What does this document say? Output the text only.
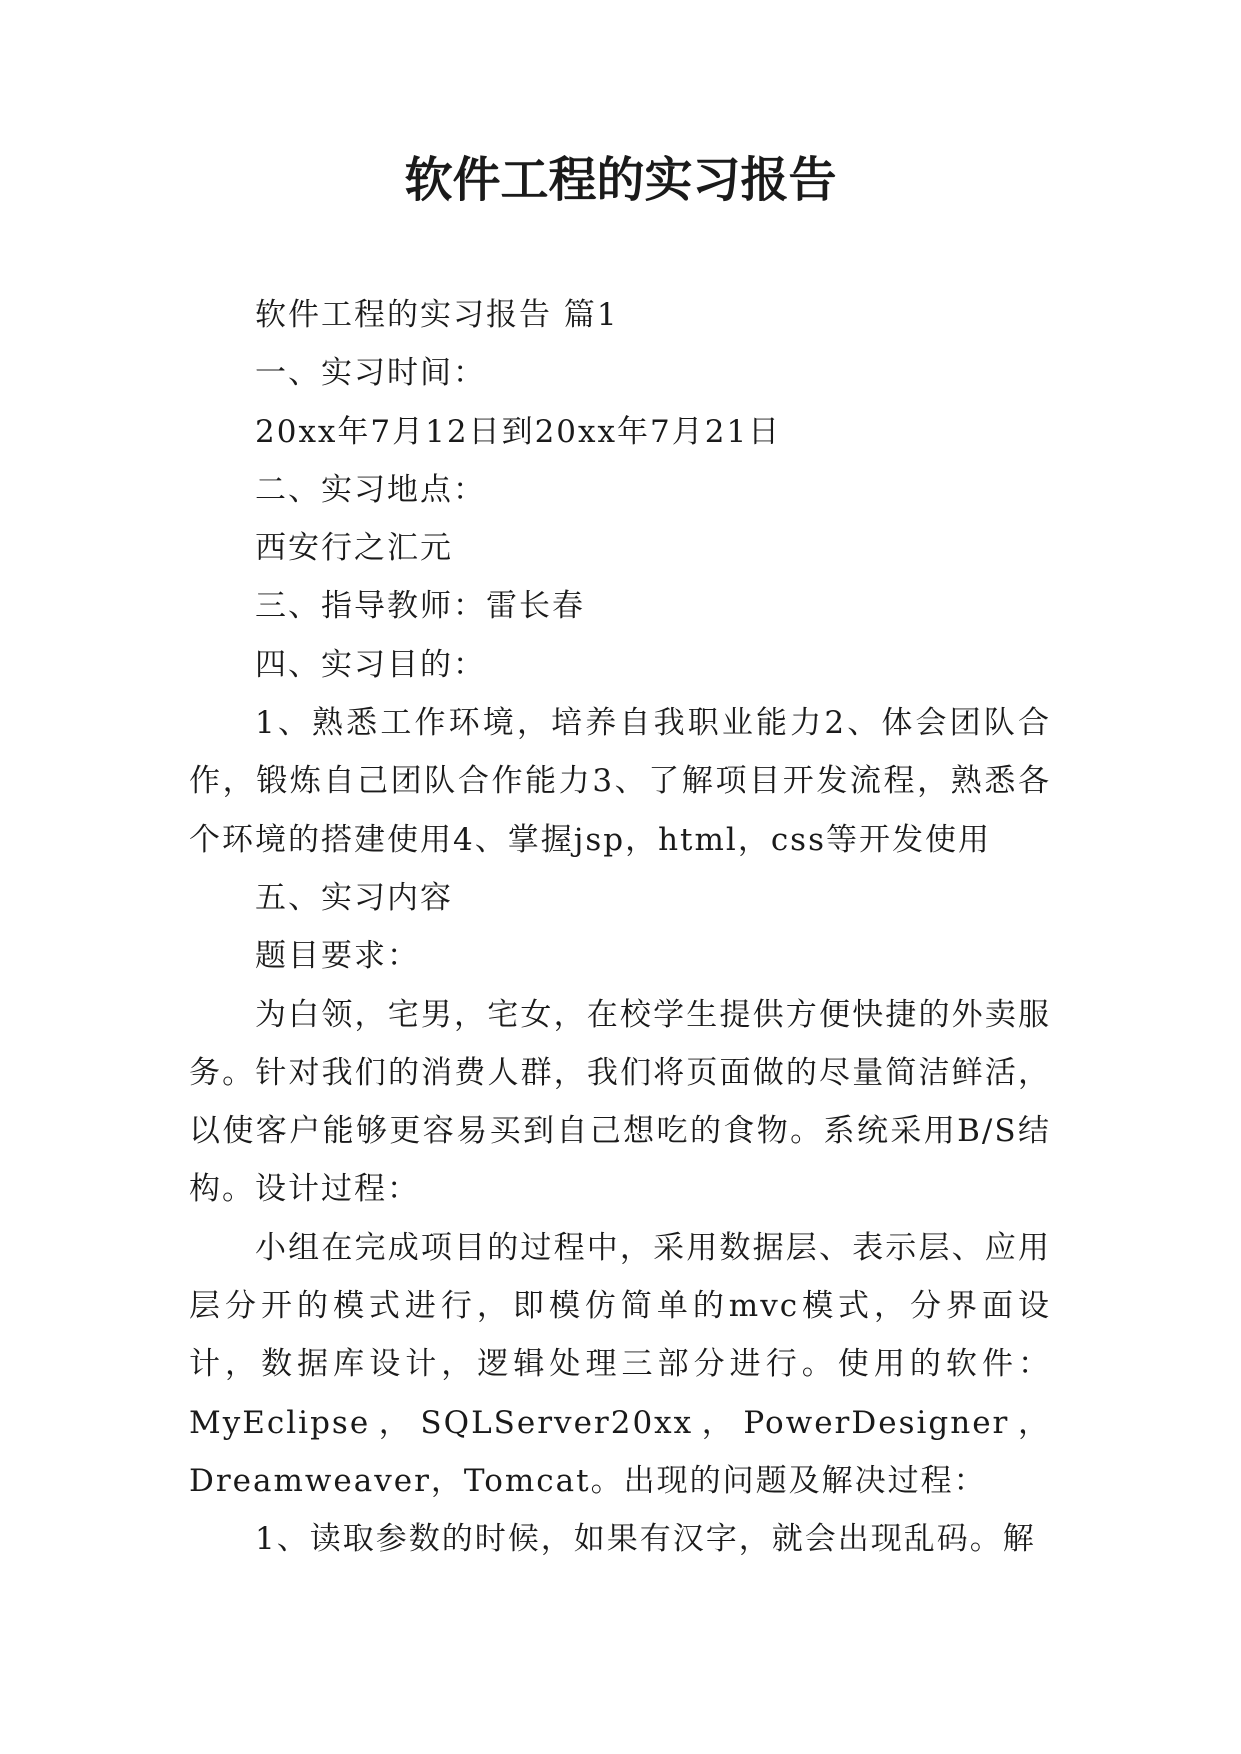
软件工程的实习报告

软件工程的实习报告 篇1

一、实习时间：

20xx年7月12日到20xx年7月21日

二、实习地点：

西安行之汇元

三、指导教师：雷长春

四、实习目的：

1、熟悉工作环境，培养自我职业能力2、体会团队合作，锻炼自己团队合作能力3、了解项目开发流程，熟悉各个环境的搭建使用4、掌握jsp，html，css等开发使用

五、实习内容

题目要求：

为白领，宅男，宅女，在校学生提供方便快捷的外卖服务。针对我们的消费人群，我们将页面做的尽量简洁鲜活，以使客户能够更容易买到自己想吃的食物。系统采用B/S结构。设计过程：

小组在完成项目的过程中，采用数据层、表示层、应用层分开的模式进行，即模仿简单的mvc模式，分界面设计，数据库设计，逻辑处理三部分进行。使用的软件：MyEclipse，SQLServer20xx，PowerDesigner，Dreamweaver，Tomcat。出现的问题及解决过程：

1、读取参数的时候，如果有汉字，就会出现乱码。解
